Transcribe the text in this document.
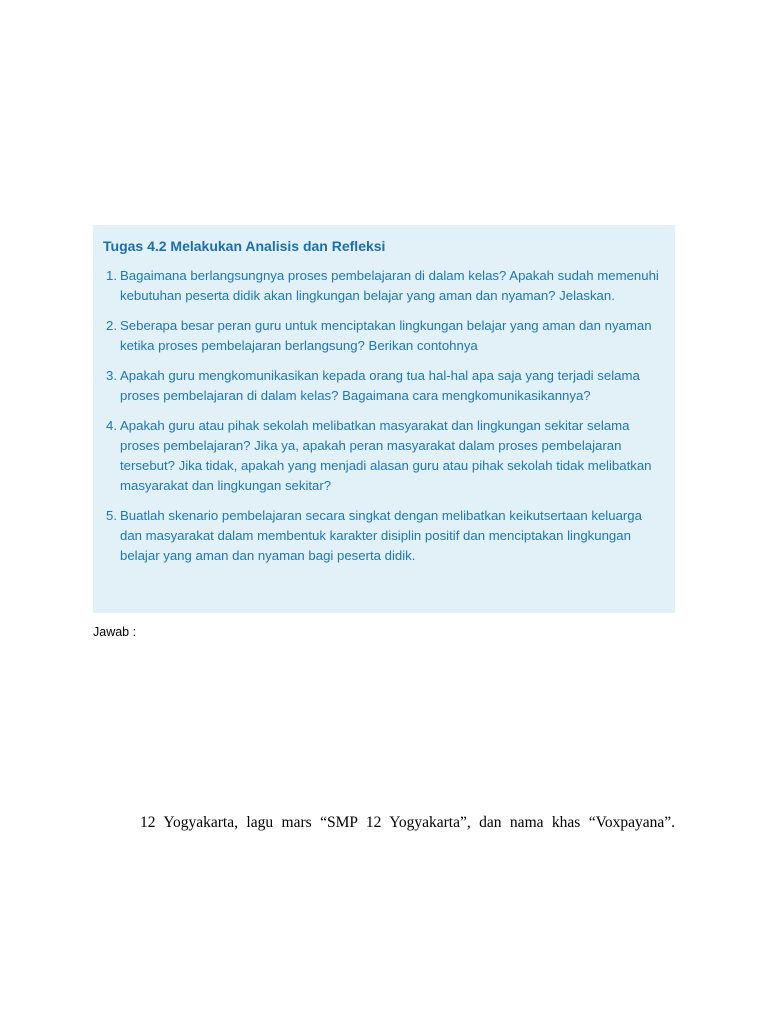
Tugas 4.2 Melakukan Analisis dan Refleksi
1. Bagaimana berlangsungnya proses pembelajaran di dalam kelas? Apakah sudah memenuhi kebutuhan peserta didik akan lingkungan belajar yang aman dan nyaman? Jelaskan.
2. Seberapa besar peran guru untuk menciptakan lingkungan belajar yang aman dan nyaman ketika proses pembelajaran berlangsung? Berikan contohnya
3. Apakah guru mengkomunikasikan kepada orang tua hal-hal apa saja yang terjadi selama proses pembelajaran di dalam kelas? Bagaimana cara mengkomunikasikannya?
4. Apakah guru atau pihak sekolah melibatkan masyarakat dan lingkungan sekitar selama proses pembelajaran? Jika ya, apakah peran masyarakat dalam proses pembelajaran tersebut? Jika tidak, apakah yang menjadi alasan guru atau pihak sekolah tidak melibatkan masyarakat dan lingkungan sekitar?
5. Buatlah skenario pembelajaran secara singkat dengan melibatkan keikutsertaan keluarga dan masyarakat dalam membentuk karakter disiplin positif dan menciptakan lingkungan belajar yang aman dan nyaman bagi peserta didik.
Jawab :
12 Yogyakarta, lagu mars “SMP 12 Yogyakarta”, dan nama khas “Voxpayana”.
